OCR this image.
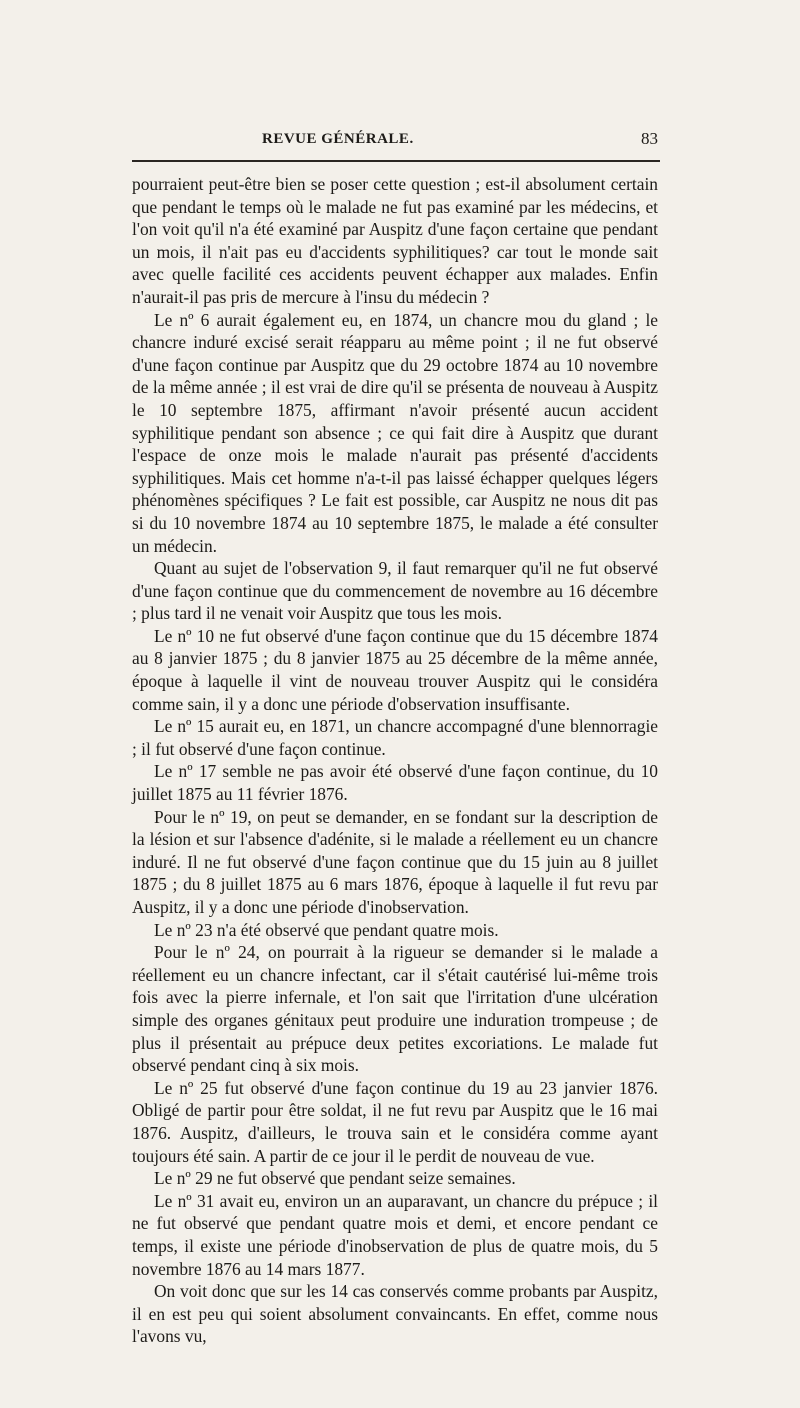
REVUE GÉNÉRALE.	83

pourraient peut-être bien se poser cette question ; est-il absolument certain que pendant le temps où le malade ne fut pas examiné par les médecins, et l'on voit qu'il n'a été examiné par Auspitz d'une façon certaine que pendant un mois, il n'ait pas eu d'accidents syphilitiques? car tout le monde sait avec quelle facilité ces accidents peuvent échapper aux malades. Enfin n'aurait-il pas pris de mercure à l'insu du médecin ?

Le nº 6 aurait également eu, en 1874, un chancre mou du gland ; le chancre induré excisé serait réapparu au même point ; il ne fut observé d'une façon continue par Auspitz que du 29 octobre 1874 au 10 novembre de la même année ; il est vrai de dire qu'il se présenta de nouveau à Auspitz le 10 septembre 1875, affirmant n'avoir présenté aucun accident syphilitique pendant son absence ; ce qui fait dire à Auspitz que durant l'espace de onze mois le malade n'aurait pas présenté d'accidents syphilitiques. Mais cet homme n'a-t-il pas laissé échapper quelques légers phénomènes spécifiques ? Le fait est possible, car Auspitz ne nous dit pas si du 10 novembre 1874 au 10 septembre 1875, le malade a été consulter un médecin.

Quant au sujet de l'observation 9, il faut remarquer qu'il ne fut observé d'une façon continue que du commencement de novembre au 16 décembre ; plus tard il ne venait voir Auspitz que tous les mois.

Le nº 10 ne fut observé d'une façon continue que du 15 décembre 1874 au 8 janvier 1875 ; du 8 janvier 1875 au 25 décembre de la même année, époque à laquelle il vint de nouveau trouver Auspitz qui le considéra comme sain, il y a donc une période d'observation insuffisante.

Le nº 15 aurait eu, en 1871, un chancre accompagné d'une blennorragie ; il fut observé d'une façon continue.

Le nº 17 semble ne pas avoir été observé d'une façon continue, du 10 juillet 1875 au 11 février 1876.

Pour le nº 19, on peut se demander, en se fondant sur la description de la lésion et sur l'absence d'adénite, si le malade a réellement eu un chancre induré. Il ne fut observé d'une façon continue que du 15 juin au 8 juillet 1875 ; du 8 juillet 1875 au 6 mars 1876, époque à laquelle il fut revu par Auspitz, il y a donc une période d'inobservation.

Le nº 23 n'a été observé que pendant quatre mois.

Pour le nº 24, on pourrait à la rigueur se demander si le malade a réellement eu un chancre infectant, car il s'était cautérisé lui-même trois fois avec la pierre infernale, et l'on sait que l'irritation d'une ulcération simple des organes génitaux peut produire une induration trompeuse ; de plus il présentait au prépuce deux petites excoriations. Le malade fut observé pendant cinq à six mois.

Le nº 25 fut observé d'une façon continue du 19 au 23 janvier 1876. Obligé de partir pour être soldat, il ne fut revu par Auspitz que le 16 mai 1876. Auspitz, d'ailleurs, le trouva sain et le considéra comme ayant toujours été sain. A partir de ce jour il le perdit de nouveau de vue.

Le nº 29 ne fut observé que pendant seize semaines.

Le nº 31 avait eu, environ un an auparavant, un chancre du prépuce ; il ne fut observé que pendant quatre mois et demi, et encore pendant ce temps, il existe une période d'inobservation de plus de quatre mois, du 5 novembre 1876 au 14 mars 1877.

On voit donc que sur les 14 cas conservés comme probants par Auspitz, il en est peu qui soient absolument convaincants. En effet, comme nous l'avons vu,
